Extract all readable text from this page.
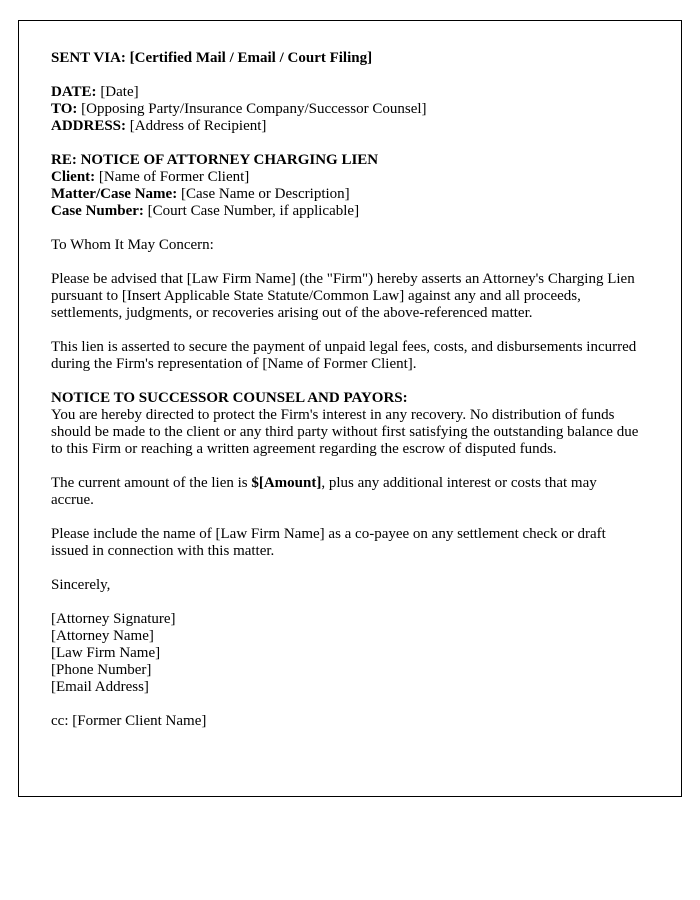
SENT VIA: [Certified Mail / Email / Court Filing]

DATE: [Date]
TO: [Opposing Party/Insurance Company/Successor Counsel]
ADDRESS: [Address of Recipient]
RE: NOTICE OF ATTORNEY CHARGING LIEN
Client: [Name of Former Client]
Matter/Case Name: [Case Name or Description]
Case Number: [Court Case Number, if applicable]

To Whom It May Concern:

Please be advised that [Law Firm Name] (the "Firm") hereby asserts an Attorney's Charging Lien pursuant to [Insert Applicable State Statute/Common Law] against any and all proceeds, settlements, judgments, or recoveries arising out of the above-referenced matter.

This lien is asserted to secure the payment of unpaid legal fees, costs, and disbursements incurred during the Firm's representation of [Name of Former Client].

NOTICE TO SUCCESSOR COUNSEL AND PAYORS:
You are hereby directed to protect the Firm's interest in any recovery. No distribution of funds should be made to the client or any third party without first satisfying the outstanding balance due to this Firm or reaching a written agreement regarding the escrow of disputed funds.

The current amount of the lien is $[Amount], plus any additional interest or costs that may accrue.

Please include the name of [Law Firm Name] as a co-payee on any settlement check or draft issued in connection with this matter.

Sincerely,

[Attorney Signature]
[Attorney Name]
[Law Firm Name]
[Phone Number]
[Email Address]

cc: [Former Client Name]
